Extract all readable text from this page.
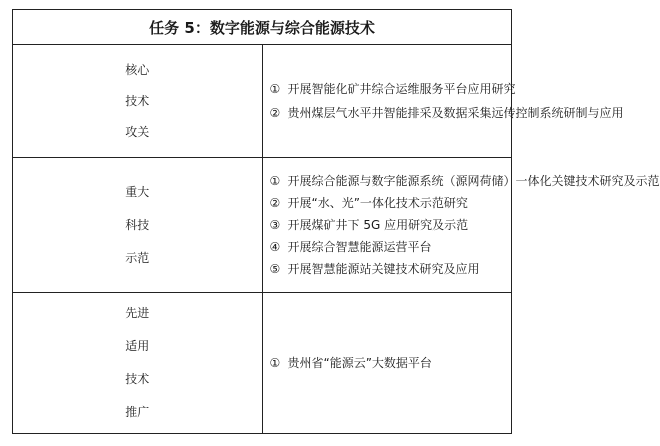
任务 5：数字能源与综合能源技术	

核心
技术
攻关	① 开展智能化矿井综合运维服务平台应用研究
② 贵州煤层气水平井智能排采及数据采集远传控制系统研制与应用

重大
科技
示范	① 开展综合能源与数字能源系统（源网荷储）一体化关键技术研究及示范
② 开展“水、光”一体化技术示范研究
③ 开展煤矿井下 5G 应用研究及示范
④ 开展综合智慧能源运营平台
⑤ 开展智慧能源站关键技术研究及应用

先进
适用
技术
推广	① 贵州省“能源云”大数据平台
